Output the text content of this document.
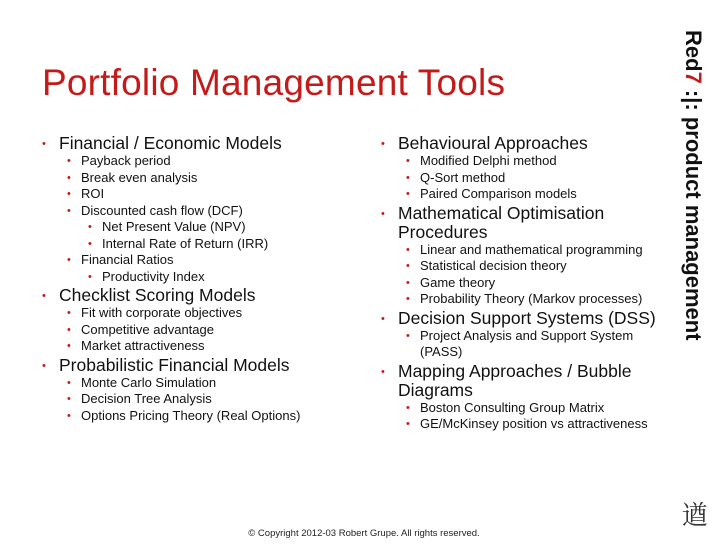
Portfolio Management Tools
• Financial / Economic Models
• Payback period
• Break even analysis
• ROI
• Discounted cash flow (DCF)
• Net Present Value (NPV)
• Internal Rate of Return (IRR)
• Financial Ratios
• Productivity Index
• Checklist Scoring Models
• Fit with corporate objectives
• Competitive advantage
• Market attractiveness
• Probabilistic Financial Models
• Monte Carlo Simulation
• Decision Tree Analysis
• Options Pricing Theory (Real Options)
• Behavioural Approaches
• Modified Delphi method
• Q-Sort method
• Paired Comparison models
• Mathematical Optimisation Procedures
• Linear and mathematical programming
• Statistical decision theory
• Game theory
• Probability Theory (Markov processes)
• Decision Support Systems (DSS)
• Project Analysis and Support System (PASS)
• Mapping Approaches / Bubble Diagrams
• Boston Consulting Group Matrix
• GE/McKinsey position vs attractiveness
Red7 :|: product management
遒
© Copyright 2012-03 Robert Grupe. All rights reserved.
